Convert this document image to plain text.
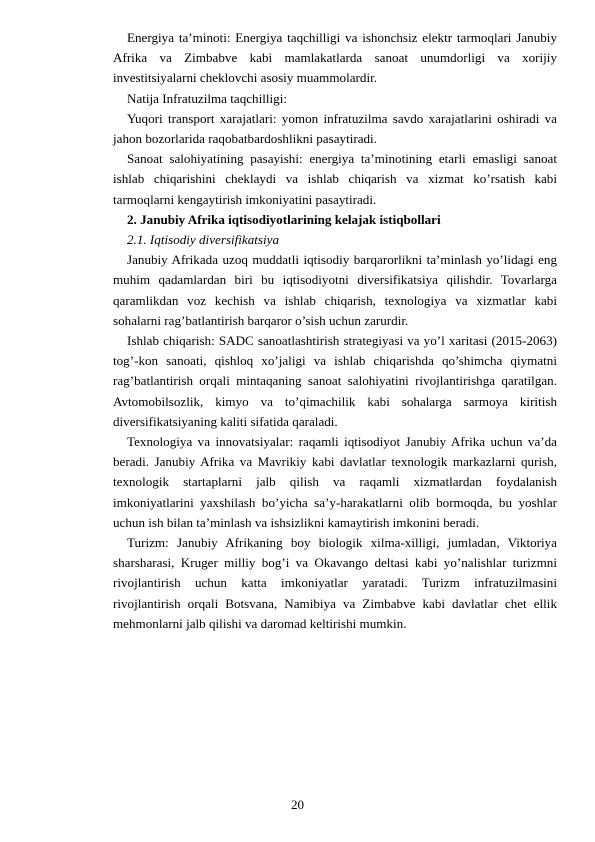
Energiya ta’minoti: Energiya taqchilligi va ishonchsiz elektr tarmoqlari Janubiy Afrika va Zimbabve kabi mamlakatlarda sanoat unumdorligi va xorijiy investitsiyalarni cheklovchi asosiy muammolardir.

Natija Infratuzilma taqchilligi:

Yuqori transport xarajatlari: yomon infratuzilma savdo xarajatlarini oshiradi va jahon bozorlarida raqobatbardoshlikni pasaytiradi.

Sanoat salohiyatining pasayishi: energiya ta’minotining etarli emasligi sanoat ishlab chiqarishini cheklaydi va ishlab chiqarish va xizmat ko’rsatish kabi tarmoqlarni kengaytirish imkoniyatini pasaytiradi.

2. Janubiy Afrika iqtisodiyotlarining kelajak istiqbollari
2.1. Iqtisodiy diversifikatsiya

Janubiy Afrikada uzoq muddatli iqtisodiy barqarorlikni ta’minlash yo’lidagi eng muhim qadamlardan biri bu iqtisodiyotni diversifikatsiya qilishdir. Tovarlarga qaramlikdan voz kechish va ishlab chiqarish, texnologiya va xizmatlar kabi sohalarni rag’batlantirish barqaror o’sish uchun zarurdir.

Ishlab chiqarish: SADC sanoatlashtirish strategiyasi va yo’l xaritasi (2015-2063) tog’-kon sanoati, qishloq xo’jaligi va ishlab chiqarishda qo’shimcha qiymatni rag’batlantirish orqali mintaqaning sanoat salohiyatini rivojlantirishga qaratilgan. Avtomobilsozlik, kimyo va to’qimachilik kabi sohalarga sarmoya kiritish diversifikatsiyaning kaliti sifatida qaraladi.

Texnologiya va innovatsiyalar: raqamli iqtisodiyot Janubiy Afrika uchun va’da beradi. Janubiy Afrika va Mavrikiy kabi davlatlar texnologik markazlarni qurish, texnologik startaplarni jalb qilish va raqamli xizmatlardan foydalanish imkoniyatlarini yaxshilash bo’yicha sa’y-harakatlarni olib bormoqda, bu yoshlar uchun ish bilan ta’minlash va ishsizlikni kamaytirish imkonini beradi.

Turizm: Janubiy Afrikaning boy biologik xilma-xilligi, jumladan, Viktoriya sharsharasi, Kruger milliy bog’i va Okavango deltasi kabi yo’nalishlar turizmni rivojlantirish uchun katta imkoniyatlar yaratadi. Turizm infratuzilmasini rivojlantirish orqali Botsvana, Namibiya va Zimbabve kabi davlatlar chet ellik mehmonlarni jalb qilishi va daromad keltirishi mumkin.

20
